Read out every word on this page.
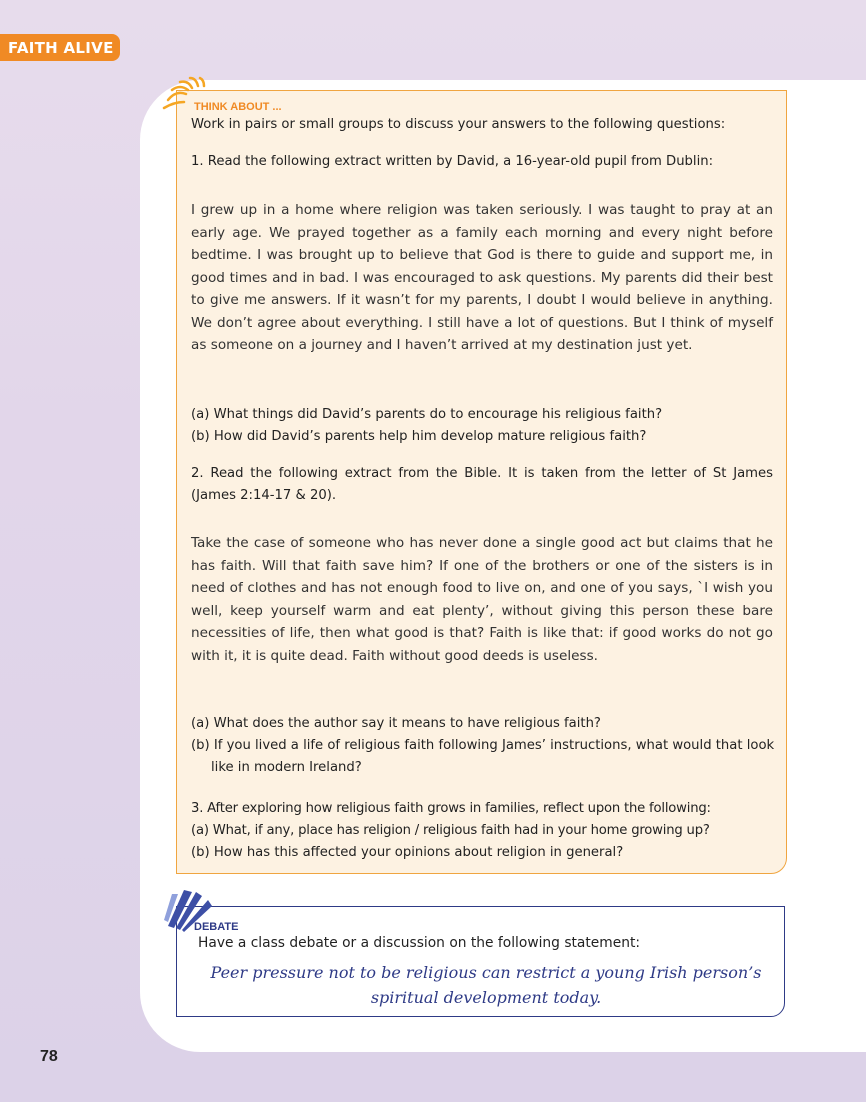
FAITH ALIVE
THINK ABOUT ...

Work in pairs or small groups to discuss your answers to the following questions:

1. Read the following extract written by David, a 16-year-old pupil from Dublin:

I grew up in a home where religion was taken seriously. I was taught to pray at an early age. We prayed together as a family each morning and every night before bedtime. I was brought up to believe that God is there to guide and support me, in good times and in bad. I was encouraged to ask questions. My parents did their best to give me answers. If it wasn’t for my parents, I doubt I would believe in anything. We don’t agree about everything. I still have a lot of questions. But I think of myself as someone on a journey and I haven’t arrived at my destination just yet.

(a) What things did David’s parents do to encourage his religious faith?

(b) How did David’s parents help him develop mature religious faith?

2. Read the following extract from the Bible. It is taken from the letter of St James (James 2:14-17 & 20).

Take the case of someone who has never done a single good act but claims that he has faith. Will that faith save him? If one of the brothers or one of the sisters is in need of clothes and has not enough food to live on, and one of you says, `I wish you well, keep yourself warm and eat plenty’, without giving this person these bare necessities of life, then what good is that? Faith is like that: if good works do not go with it, it is quite dead. Faith without good deeds is useless.

(a) What does the author say it means to have religious faith?

(b) If you lived a life of religious faith following James’ instructions, what would that look like in modern Ireland?

3. After exploring how religious faith grows in families, reflect upon the following:

(a) What, if any, place has religion / religious faith had in your home growing up?

(b) How has this affected your opinions about religion in general?

DEBATE

Have a class debate or a discussion on the following statement:

Peer pressure not to be religious can restrict a young Irish person’s spiritual development today.

78
